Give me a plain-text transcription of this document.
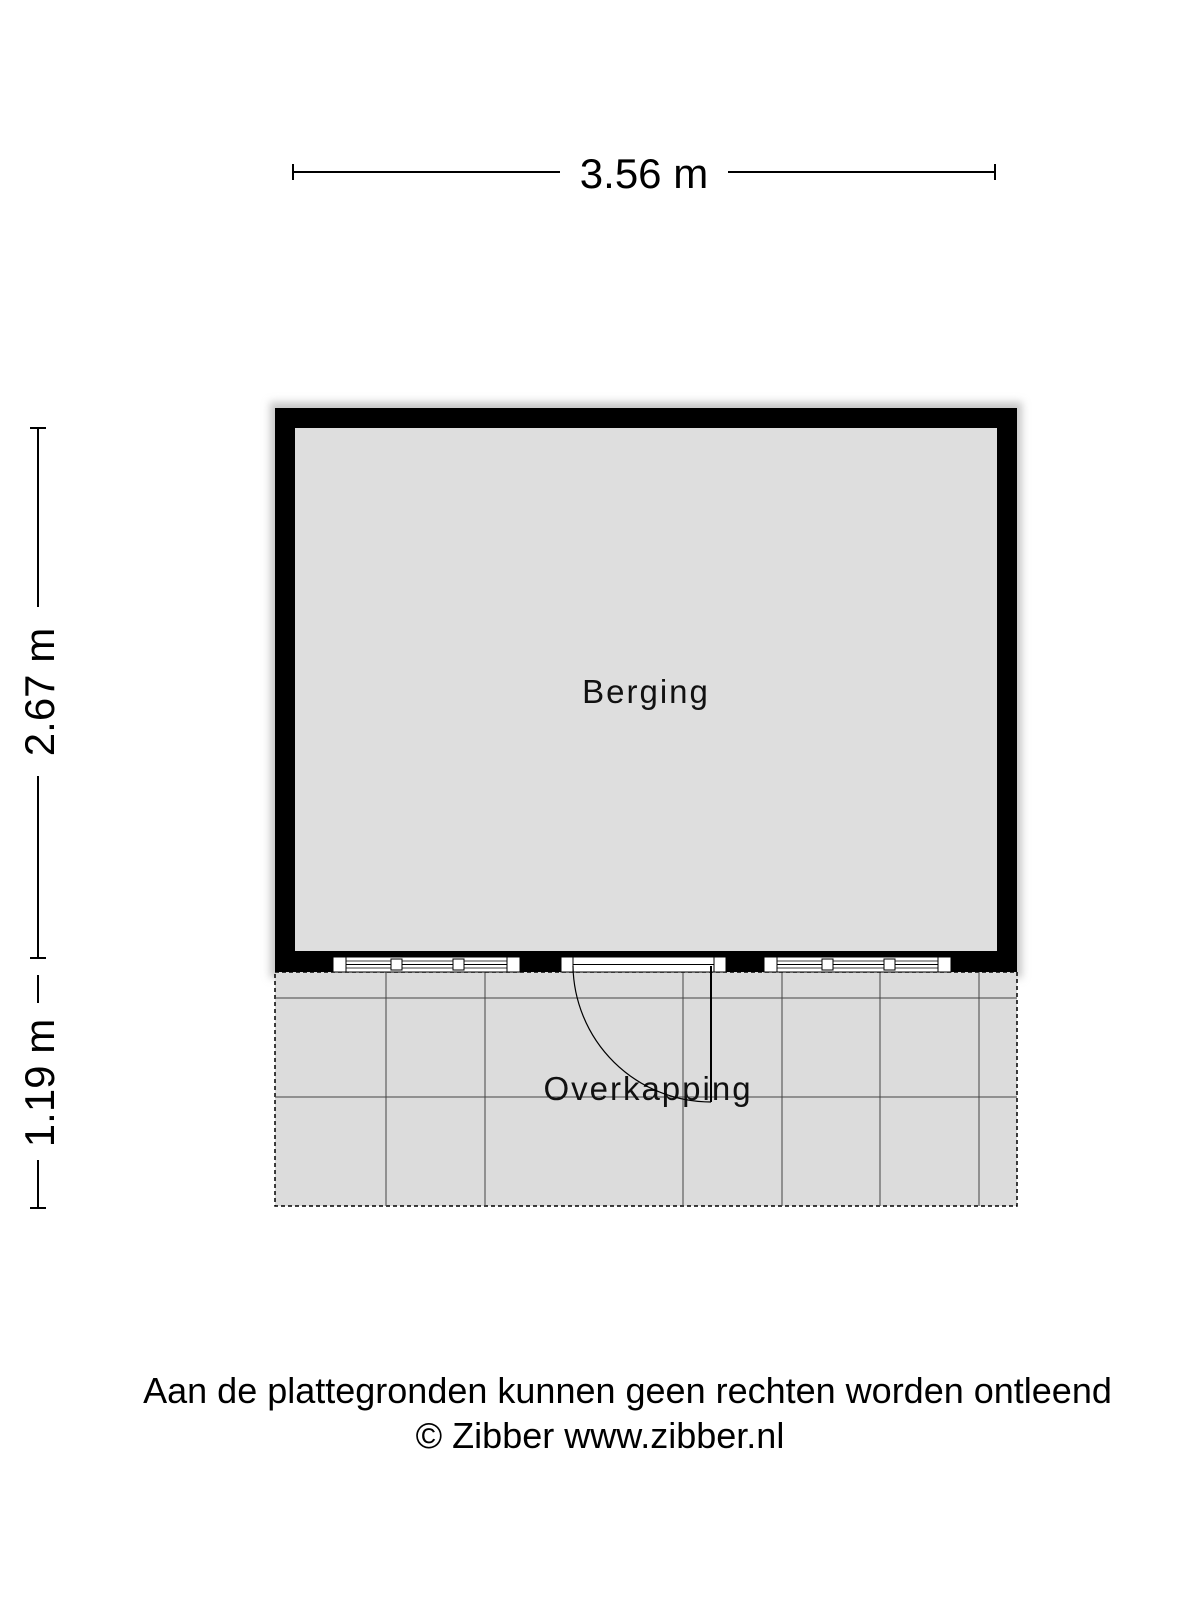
3.56 m
2.67 m
1.19 m
Berging
Overkapping
Aan de plattegronden kunnen geen rechten worden ontleend
© Zibber www.zibber.nl
